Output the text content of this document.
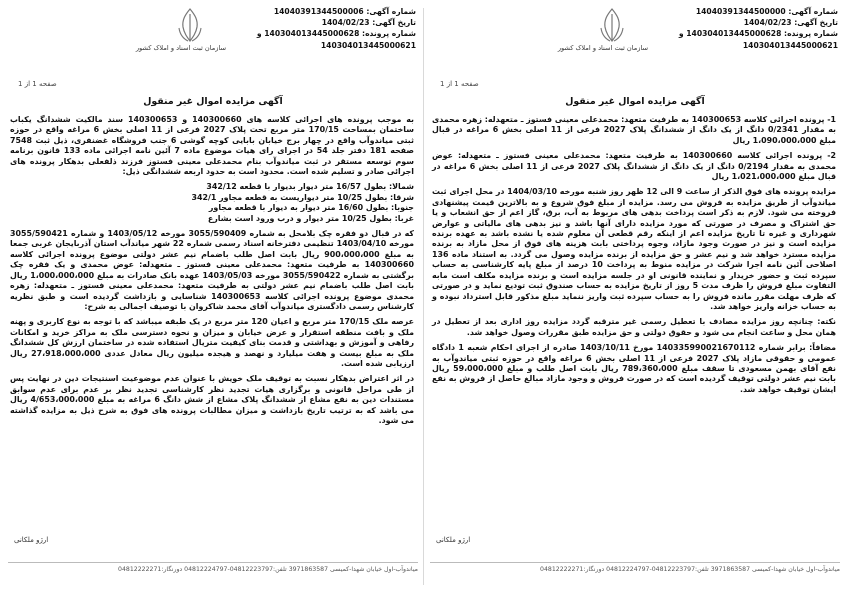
شماره آگهی: 14040391344500000
تاریخ آگهی: 1404/02/23
شماره پرونده: 140304013445000628 و
140304013445000621
سازمان ثبت اسناد و املاک کشور
صفحه 1 از 1
آگهی مزایده اموال غیر منقول

1- پرونده اجرائی کلاسه 140300653 به طرفیت متعهد: محمدعلی معینی فستوز ـ متعهدله: زهره محمدی به مقدار 0/2341 دانگ از یک دانگ از ششدانگ پلاک 2027 فرعی از 11 اصلی بخش 6 مراغه در قبال مبلغ 1،090،000،000 ریال

2- پرونده اجرائی کلاسه 140300660 به طرفیت متعهد: محمدعلی معینی فستوز ـ متعهدله: عوض محمدی به مقدار 0/2194 دانگ از یک دانگ از ششدانگ پلاک 2027 فرعی از 11 اصلی بخش 6 مراغه در قبال مبلغ 1،021،000،000 ریال

مزایده پرونده های فوق الذکر از ساعت 9 الی 12 ظهر روز شنبه مورخه 1404/03/10 در محل اجرای ثبت میاندوآب از طریق مزایده به فروش می رسد. مزایده از مبلغ فوق شروع و به بالاترین قیمت پیشنهادی فروخته می شود. لازم به ذکر است پرداخت بدهی های مربوط به آب، برق، گاز اعم از حق انشعاب و یا حق اشتراک و مصرف در صورتی که مورد مزایده دارای آنها باشد و نیز بدهی های مالیاتی و عوارض شهرداری و غیره تا تاریخ مزایده اعم از اینکه رقم قطعی آن معلوم شده یا نشده باشد به عهده برنده مزایده است و نیز در صورت وجود مازاد، وجوه پرداختی بابت هزینه های فوق از محل مازاد به برنده مزایده مسترد خواهد شد و نیم عشر و حق مزایده از برنده مزایده وصول می گردد. به استناد ماده 136 اصلاحی آئین نامه اجرا شرکت در مزایده منوط به پرداخت 10 درصد از مبلغ پایه کارشناسی به حساب سپرده ثبت و حضور خریدار و نماینده قانونی او در جلسه مزایده است و برنده مزایده مکلف است مابه التفاوت مبلغ فروش را ظرف مدت 5 روز از تاریخ مزایده به حساب صندوق ثبت تودیع نماید و در صورتی که ظرف مهلت مقرر مانده فروش را به حساب سپرده ثبت واریز ننماید مبلغ مذکور قابل استرداد نبوده و به حساب خزانه واریز خواهد شد.

نکته: چنانچه روز مزایده مصادف با تعطیل رسمی غیر مترقبه گردد مزایده روز اداری بعد از تعطیل در همان محل و ساعت انجام می شود و حقوق دولتی و حق مزایده طبق مقررات وصول خواهد شد.

مضافاً: برابر شماره 140335990021670112 مورخ 1403/10/11 صادره از اجرای احکام شعبه 1 دادگاه عمومی و حقوقی مازاد پلاک 2027 فرعی از 11 اصلی بخش 6 مراغه واقع در حوزه ثبتی میاندوآب به نفع آقای بهمن مسعودی تا سقف مبلغ 789،360،000 ریال بابت اصل طلب و مبلغ 59،000،000 ریال بابت نیم عشر دولتی توقیف گردیده است که در صورت فروش و وجود مازاد مبالغ حاصل از فروش به نفع ایشان توقیف خواهد شد.

ارژو ملکانی
میاندوآب-اول خیابان شهدا-کمیسی 3971863587 تلفن:04812223797-04812224797 دورنگار:04812222271
شماره آگهی: 14040391344500006
تاریخ آگهی: 1404/02/23
شماره پرونده: 140304013445000628 و
140304013445000621
سازمان ثبت اسناد و املاک کشور
صفحه 1 از 1
آگهی مزایده اموال غیر منقول

به موجب پرونده های اجرائی کلاسه های 140300660 و 140300653 سند مالکیت ششدانگ یکباب ساختمان بمساحت 170/15 متر مربع تحت پلاک 2027 فرعی از 11 اصلی بخش 6 مراغه واقع در حوزه ثبتی میاندوآب واقع در چهار برج خیابان بابایی کوچه گوشی 6 جنب فروشگاه غضنفری، ذیل ثبت 7548 صفحه 181 دفتر جلد 54 در اجرای رای هیات موضوع ماده 7 آئین نامه اجرائی ماده 133 قانون برنامه سوم توسعه مستقر در ثبت میاندوآب بنام محمدعلی معینی فستوز فرزند ذلفعلی بدهکار پرونده های اجرائی صادر و تسلیم شده است. محدود است به حدود اربعه ششدانگی ذیل:

شمالا: بطول 16/57 متر دیوار بدیوار با قطعه 342/12
شرقا: بطول 10/25 متر دیواریست به قطعه مجاور 342/1
جنوبا: بطول 16/60 متر دیوار به دیوار با قطعه مجاور
غربا: بطول 10/25 متر دیوار و درب ورود است بشارع

که در قبال دو فقره چک بلامحل به شماره 3055/590409 مورخه 1403/05/12 و شماره 3055/590421 مورخه 1403/04/10 تنظیمی دفترخانه اسناد رسمی شماره 22 شهر میاندآب استان آذربایجان غربی جمعا به مبلغ 900،000،000 ریال بابت اصل طلب باضمام نیم عشر دولتی موضوع پرونده اجرائی کلاسه 140300660 به طرفیت متعهد: محمدعلی معینی فستوز ـ متعهدله: عوض محمدی و یک فقره چک برگشتی به شماره 3055/590422 مورخه 1403/05/03 عهده بانک صادرات به مبلغ 1،000،000،000 ریال بابت اصل طلب باضمام نیم عشر دولتی به طرفیت متعهد: محمدعلی معینی فستوز ـ متعهدله: زهره محمدی موضوع پرونده اجرائی کلاسه 140300653 شناسایی و بازداشت گردیده است و طبق نظریه کارشناس رسمی دادگستری میاندوآب آقای محمد شاکروان با توصیف اجمالی به شرح:

عرصه ملک 170/15 متر مربع و اعیان 120 متر مربع در یک طبقه میباشد که با توجه به نوع کاربری و پهنه ملک و بافت منطقه استقرار و عرض خیابان و میزان و نحوه دسترسی ملک به مراکز خرید و امکانات رفاهی و آموزش و بهداشتی و قدمت بنای کیفیت متریال استفاده شده در ساختمان ارزش کل ششدانگ ملک به مبلغ بیست و هفت میلیارد و نهصد و هیجده میلیون ریال معادل عددی 27،918،000،000 ریال ارزیابی شده است.

در اثر اعتراض بدهکار نسبت به توقیف ملک خویش با عنوان عدم موضوعیت اسنتیجات دین در نهایت پس از طی مراحل قانونی و برگزاری هیات تجدید نظر کارشناسی تجدید نظر بر عدم برای عدم سوابق مستندات دین به نفع مشاع از ششدانگ پلاک مشاع از شش دانگ 6 مراغه به مبلغ 4/653،000،000 ریال می باشد که به ترتیب تاریخ بازداشت و میزان مطالبات پرونده های فوق به شرح ذیل به مزایده گذاشته می شود.

ارژو ملکانی
میاندوآب-اول خیابان شهدا-کمیسی 3971863587 تلفن:04812223797-04812224797 دورنگار:04812222271
